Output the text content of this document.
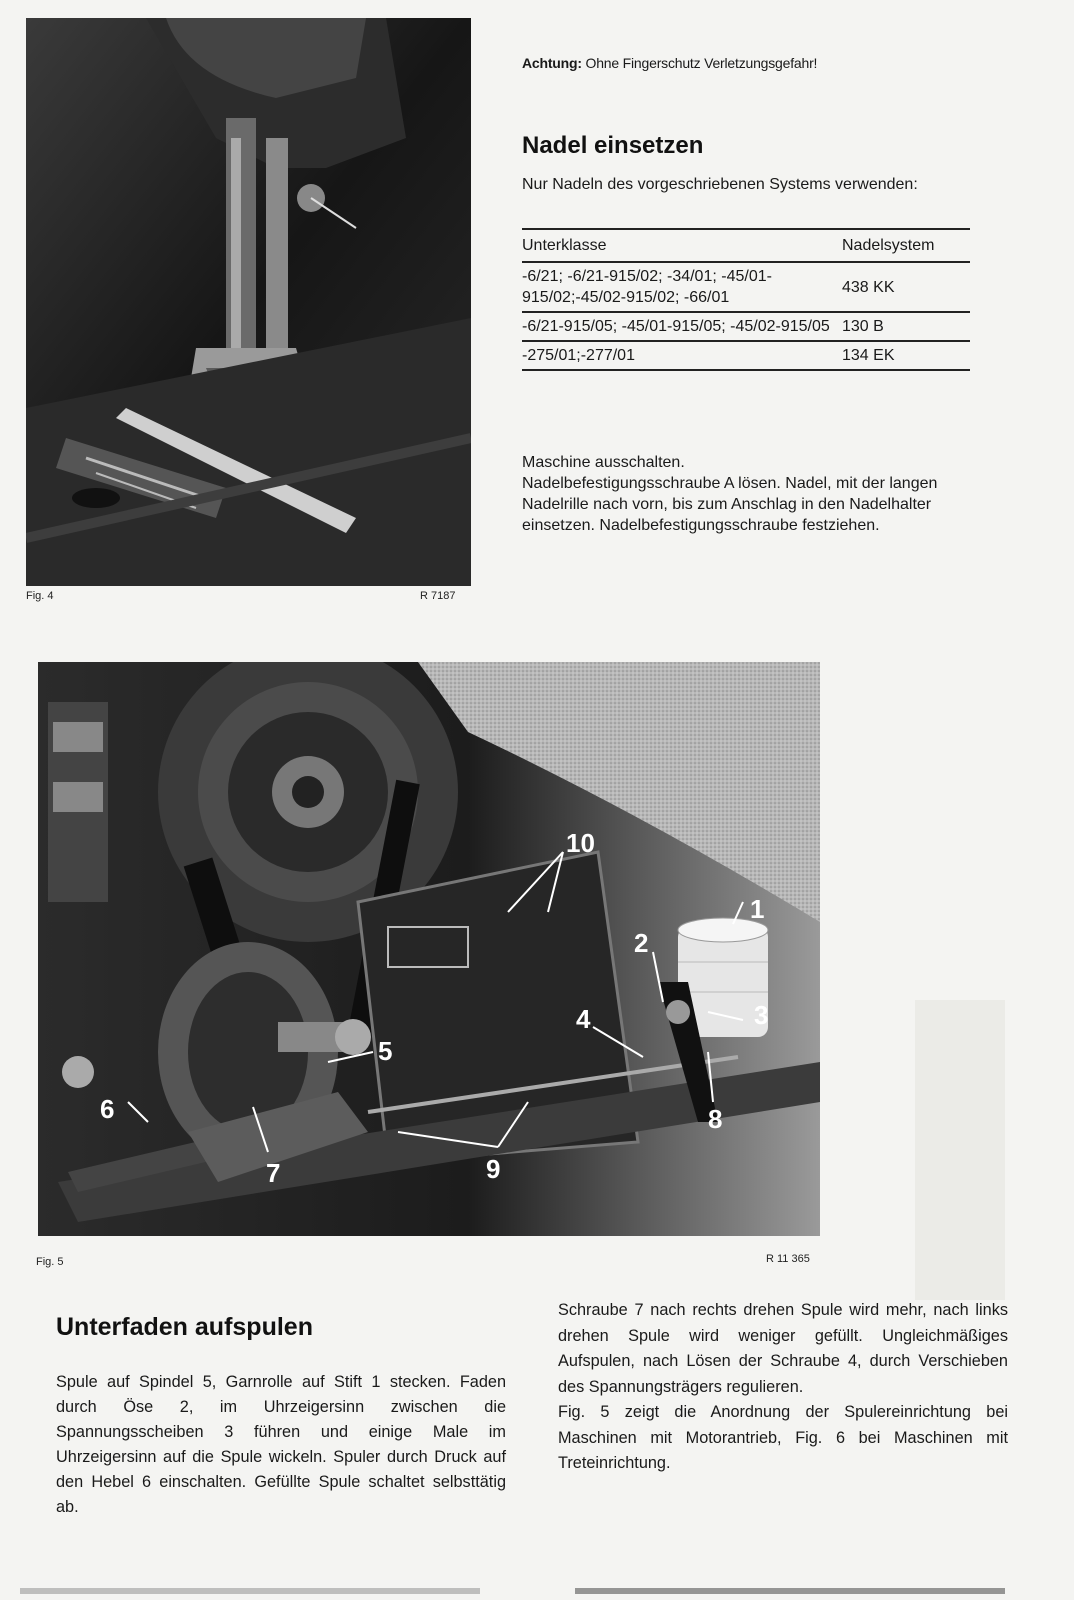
Fig. 4	R 7187
Achtung: Ohne Fingerschutz Verletzungsgefahr!
Nadel einsetzen
Nur Nadeln des vorgeschriebenen Systems verwenden:
Unterklasse	Nadelsystem
-6/21; -6/21-915/02; -34/01; -45/01-915/02;-45/02-915/02; -66/01	438 KK
-6/21-915/05; -45/01-915/05; -45/02-915/05	130 B
-275/01;-277/01	134 EK

Maschine ausschalten.

Nadelbefestigungsschraube A lösen. Nadel, mit der langen Nadelrille nach vorn, bis zum Anschlag in den Nadelhalter einsetzen. Nadelbefestigungsschraube festziehen.

1
2
3
4
5
6
7
8
9
10
Fig. 5	R 11 365
Unterfaden aufspulen
Spule auf Spindel 5, Garnrolle auf Stift 1 stecken. Faden durch Öse 2, im Uhrzeigersinn zwischen die Spannungsscheiben 3 führen und einige Male im Uhrzeigersinn auf die Spule wickeln. Spuler durch Druck auf den Hebel 6 einschalten. Gefüllte Spule schaltet selbsttätig ab.

Schraube 7 nach rechts drehen Spule wird mehr, nach links drehen Spule wird weniger gefüllt. Ungleichmäßiges Aufspulen, nach Lösen der Schraube 4, durch Verschieben des Spannungsträgers regulieren.

Fig. 5 zeigt die Anordnung der Spulereinrichtung bei Maschinen mit Motorantrieb, Fig. 6 bei Maschinen mit Treteinrichtung.
